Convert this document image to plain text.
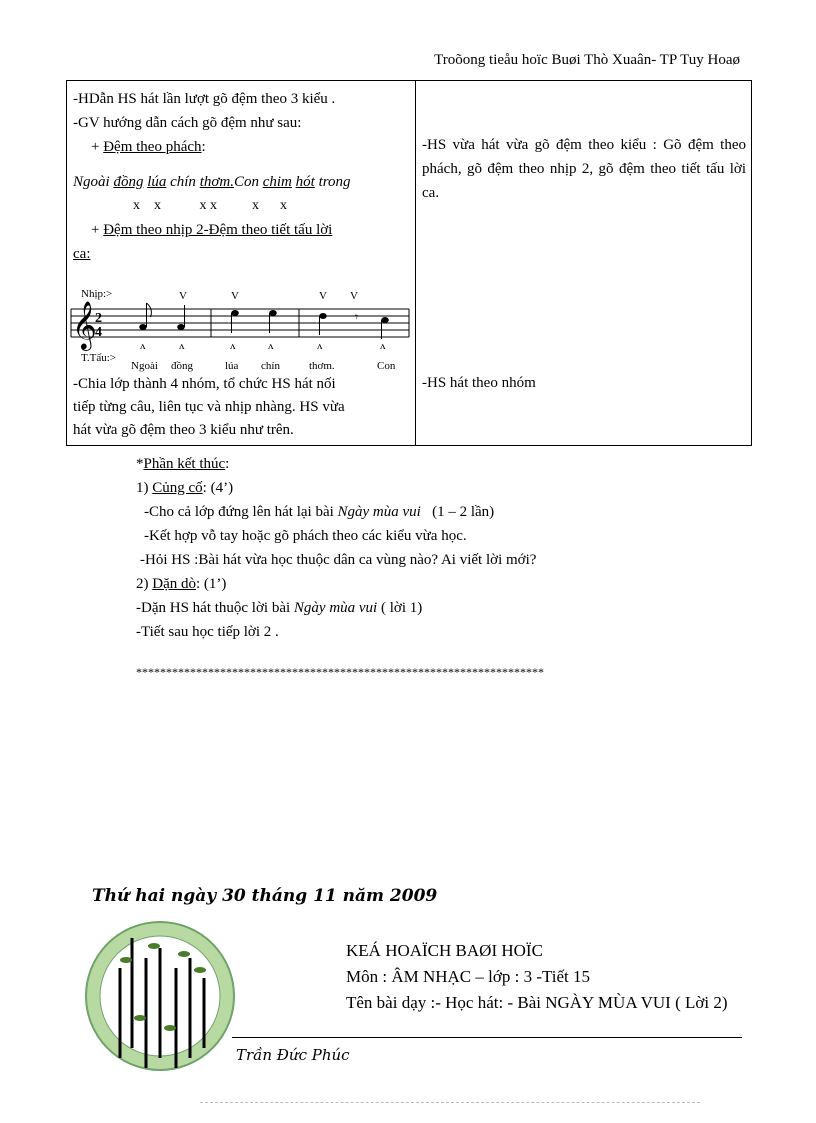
Troõong tieåu hoïc Buøi Thò Xuaân- TP Tuy Hoaø
-HDẫn HS hát lần lượt gõ đệm theo 3 kiểu .
-GV hướng dẫn cách gõ đệm như sau:
+ Đệm theo phách:
Ngoài đồng lúa chín thơm.Con chim hót trong
x    x           x x          x      x
+ Đệm theo nhịp 2-Đệm theo tiết tấu lời
ca:
Nhịp:>
𝄞
2
4
𝄾
V	V	V V
ʌ	ʌ	ʌ	ʌ	ʌ	ʌ
T.Tấu:>
Ngoài đồng	lúa chín	thơm.	Con
-Chia lớp thành 4 nhóm, tổ chức HS hát nối
tiếp từng câu, liên tục và nhịp nhàng. HS vừa
hát vừa gõ đệm theo 3 kiểu như trên.
-HS vừa hát vừa gõ đệm theo kiểu : Gõ đệm theo phách, gõ đệm theo nhịp 2, gõ đệm theo tiết tấu lời ca.
-HS hát theo nhóm
*Phần kết thúc:
1) Củng cố: (4’)
-Cho cả lớp đứng lên hát lại bài Ngày mùa vui (1 – 2 lần)
-Kết hợp vỗ tay hoặc gõ phách theo các kiểu vừa học.
-Hỏi HS :Bài hát vừa học thuộc dân ca vùng nào? Ai viết lời mới?
2) Dặn dò: (1’)
-Dặn HS hát thuộc lời bài Ngày mùa vui ( lời 1)
-Tiết sau học tiếp lời 2 .
********************************************************************
Thứ hai ngày 30 tháng 11 năm 2009
KEÁ HOAÏCH BAØI HOÏC
Môn : ÂM NHẠC – lớp : 3 -Tiết 15
Tên bài dạy :- Học hát: - Bài NGÀY MÙA VUI ( Lời 2)
Trần Đức Phúc
